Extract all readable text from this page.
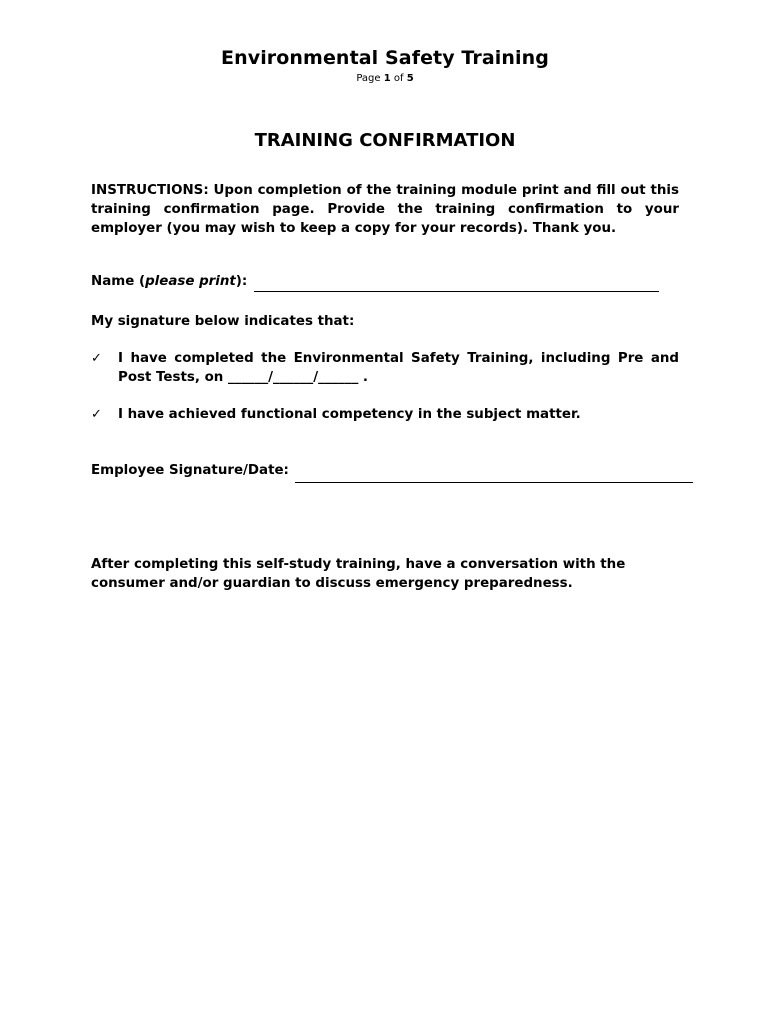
Environmental Safety Training
Page 1 of 5
TRAINING CONFIRMATION
INSTRUCTIONS: Upon completion of the training module print and fill out this training confirmation page. Provide the training confirmation to your employer (you may wish to keep a copy for your records). Thank you.
Name (please print):
My signature below indicates that:
✓ I have completed the Environmental Safety Training, including Pre and Post Tests, on ______/______/______ .
✓ I have achieved functional competency in the subject matter.
Employee Signature/Date:
After completing this self-study training, have a conversation with the consumer and/or guardian to discuss emergency preparedness.
